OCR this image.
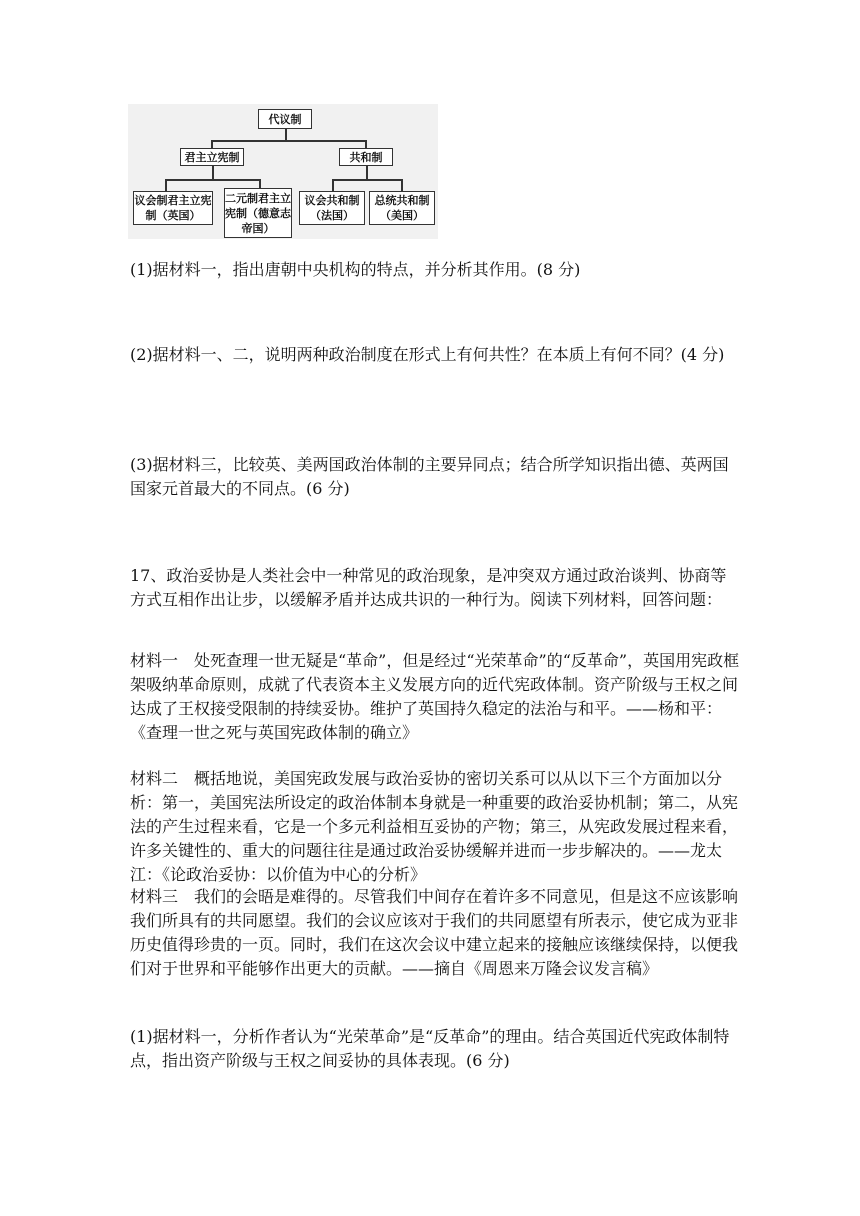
代议制
君主立宪制	共和制
议会制君主立宪制（英国）
二元制君主立宪制（德意志帝国）
议会共和制（法国）
总统共和制（美国）
(1)据材料一，指出唐朝中央机构的特点，并分析其作用。(8 分)
(2)据材料一、二，说明两种政治制度在形式上有何共性？在本质上有何不同？(4 分)
(3)据材料三，比较英、美两国政治体制的主要异同点；结合所学知识指出德、英两国国家元首最大的不同点。(6 分)
17、政治妥协是人类社会中一种常见的政治现象，是冲突双方通过政治谈判、协商等方式互相作出让步，以缓解矛盾并达成共识的一种行为。阅读下列材料，回答问题：
材料一　处死查理一世无疑是“革命”，但是经过“光荣革命”的“反革命”，英国用宪政框架吸纳革命原则，成就了代表资本主义发展方向的近代宪政体制。资产阶级与王权之间达成了王权接受限制的持续妥协。维护了英国持久稳定的法治与和平。——杨和平：《查理一世之死与英国宪政体制的确立》
材料二　概括地说，美国宪政发展与政治妥协的密切关系可以从以下三个方面加以分析：第一，美国宪法所设定的政治体制本身就是一种重要的政治妥协机制；第二，从宪法的产生过程来看，它是一个多元利益相互妥协的产物；第三，从宪政发展过程来看，许多关键性的、重大的问题往往是通过政治妥协缓解并进而一步步解决的。——龙太江：《论政治妥协：以价值为中心的分析》
材料三　我们的会晤是难得的。尽管我们中间存在着许多不同意见，但是这不应该影响我们所具有的共同愿望。我们的会议应该对于我们的共同愿望有所表示，使它成为亚非历史值得珍贵的一页。同时，我们在这次会议中建立起来的接触应该继续保持，以便我们对于世界和平能够作出更大的贡献。——摘自《周恩来万隆会议发言稿》
(1)据材料一，分析作者认为“光荣革命”是“反革命”的理由。结合英国近代宪政体制特点，指出资产阶级与王权之间妥协的具体表现。(6 分)
